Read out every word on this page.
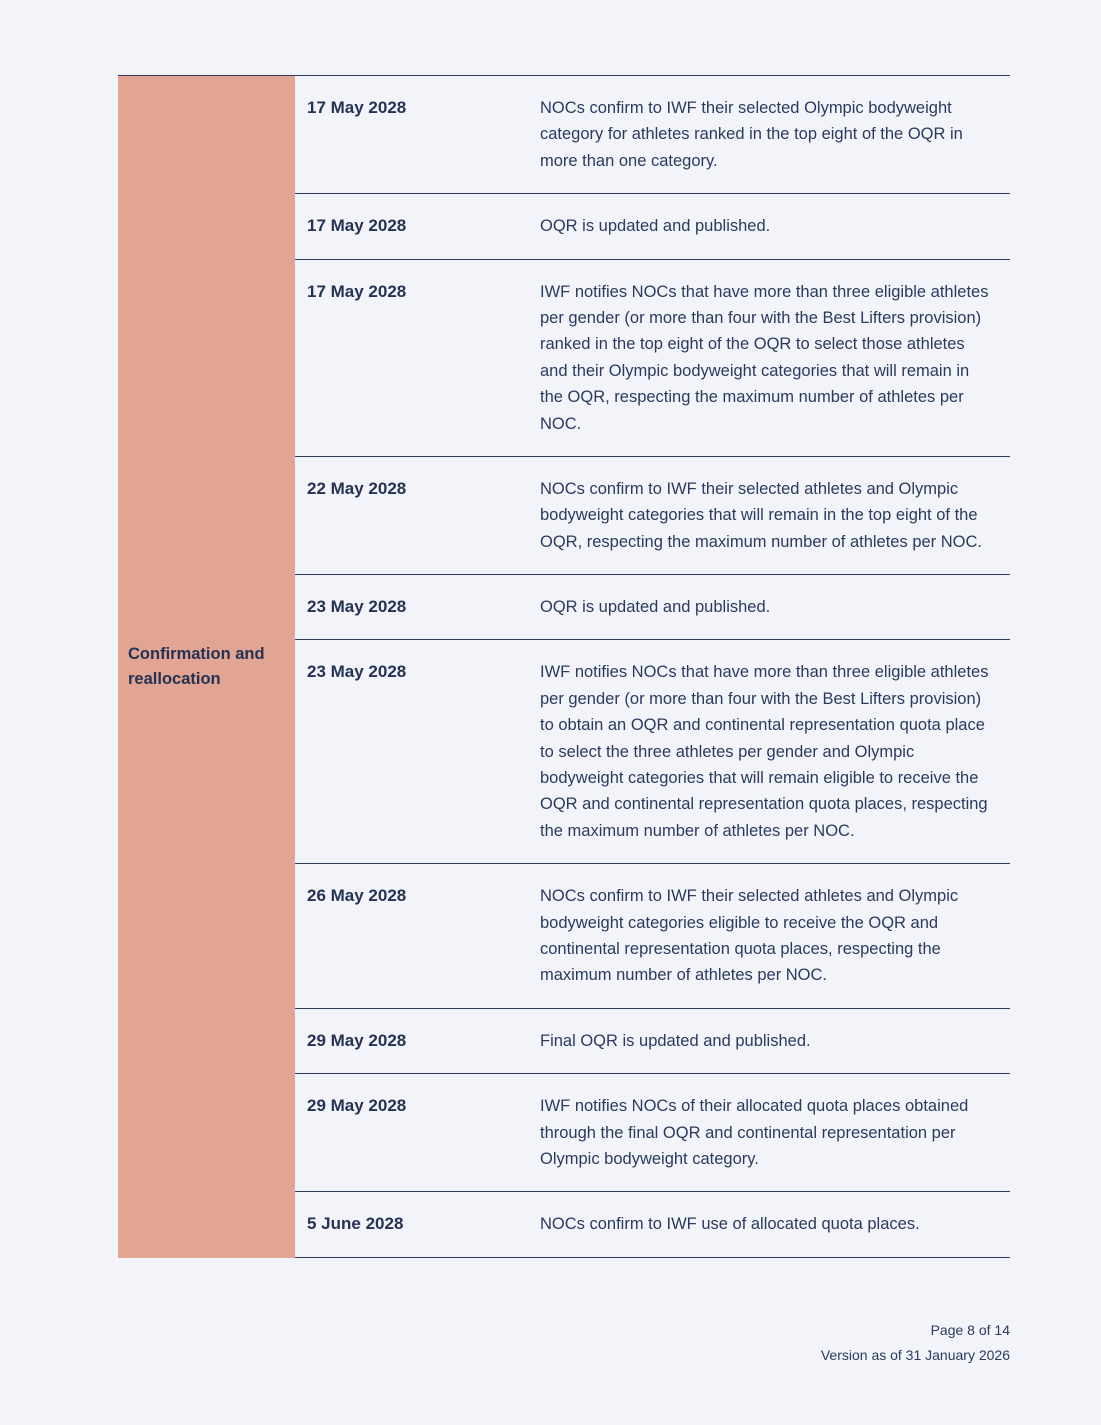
Confirmation and reallocation
17 May 2028	NOCs confirm to IWF their selected Olympic bodyweight category for athletes ranked in the top eight of the OQR in more than one category.
17 May 2028	OQR is updated and published.
17 May 2028	IWF notifies NOCs that have more than three eligible athletes per gender (or more than four with the Best Lifters provision) ranked in the top eight of the OQR to select those athletes and their Olympic bodyweight categories that will remain in the OQR, respecting the maximum number of athletes per NOC.
22 May 2028	NOCs confirm to IWF their selected athletes and Olympic bodyweight categories that will remain in the top eight of the OQR, respecting the maximum number of athletes per NOC.
23 May 2028	OQR is updated and published.
23 May 2028	IWF notifies NOCs that have more than three eligible athletes per gender (or more than four with the Best Lifters provision) to obtain an OQR and continental representation quota place to select the three athletes per gender and Olympic bodyweight categories that will remain eligible to receive the OQR and continental representation quota places, respecting the maximum number of athletes per NOC.
26 May 2028	NOCs confirm to IWF their selected athletes and Olympic bodyweight categories eligible to receive the OQR and continental representation quota places, respecting the maximum number of athletes per NOC.
29 May 2028	Final OQR is updated and published.
29 May 2028	IWF notifies NOCs of their allocated quota places obtained through the final OQR and continental representation per Olympic bodyweight category.
5 June 2028	NOCs confirm to IWF use of allocated quota places.
Page 8 of 14
Version as of 31 January 2026
